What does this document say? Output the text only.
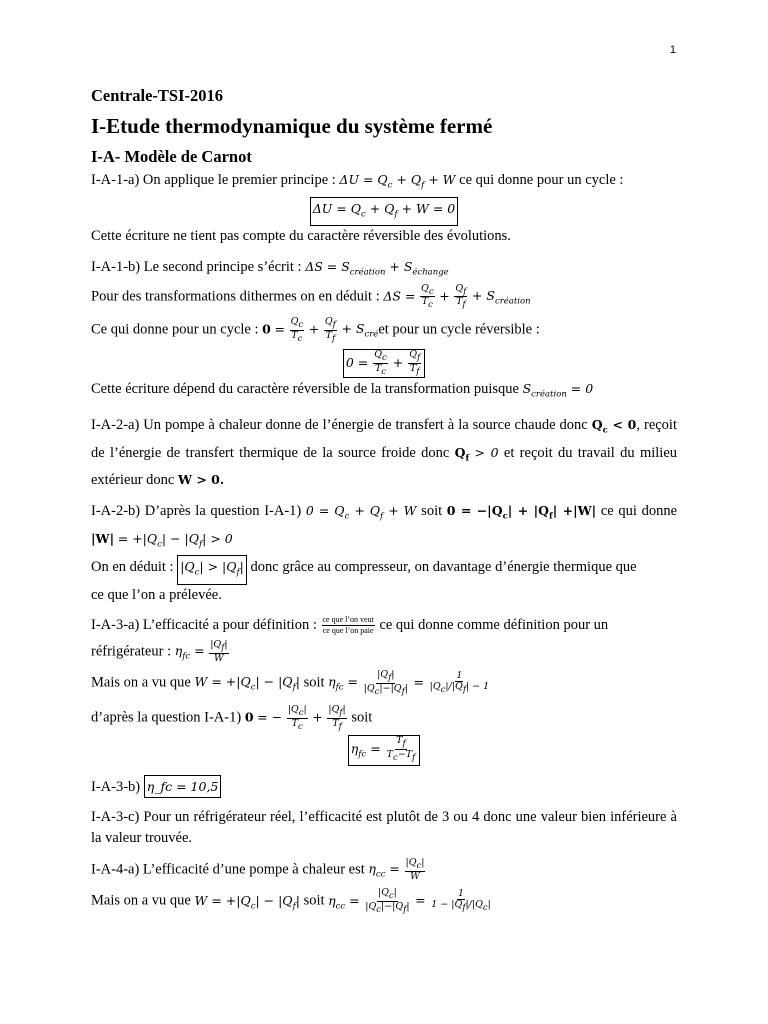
1
Centrale-TSI-2016
I-Etude thermodynamique du système fermé
I-A- Modèle de Carnot

I-A-1-a) On applique le premier principe : $\Delta U = Q_c + Q_f + W$ ce qui donne pour un cycle :

$\Delta U = Q_c + Q_f + W = 0$

Cette écriture ne tient pas compte du caractère réversible des évolutions.

I-A-1-b) Le second principe s’écrit : $\Delta S = S_{création} + S_{échange}$

Pour des transformations dithermes on en déduit : $\Delta S = \frac{Q_c}{T_c} + \frac{Q_f}{T_f} + S_{création}$

Ce qui donne pour un cycle : $0 = \frac{Q_c}{T_c} + \frac{Q_f}{T_f} + S_{cré}et$ pour un cycle réversible :

$0 = \frac{Q_c}{T_c} + \frac{Q_f}{T_f}$

Cette écriture dépend du caractère réversible de la transformation puisque $S_{création} = 0$

I-A-2-a) Un pompe à chaleur donne de l’énergie de transfert à la source chaude donc $Q_c < 0$, reçoit de l’énergie de transfert thermique de la source froide donc $Q_f > 0$ et reçoit du travail du milieu extérieur donc W > 0.

I-A-2-b) D’après la question I-A-1) $0 = Q_c + Q_f + W$ soit $0 = -|Q_c| + |Q_f| +|W|$ ce qui donne $|W| = +|Q_c| - |Q_f| > 0$

On en déduit : $|Q_c| > |Q_f|$ donc grâce au compresseur, on davantage d’énergie thermique que

ce que l’on a prélevée.

I-A-3-a) L’efficacité a pour définition : $\frac{\text{ce que l’on veut}}{\text{ce que l’on paie}}$ ce qui donne comme définition pour un

réfrigérateur : $\eta_{fc} = \frac{|Q_f|}{W}$

Mais on a vu que $W = +|Q_c| - |Q_f|$ soit $\eta_{fc} = \frac{|Q_f|}{|Q_c|-|Q_f|} = \frac{1}{|Q_c|/|Q_f| - 1}$

d’après la question I-A-1) 0 = − $\frac{|Q_c|}{T_c} + \frac{|Q_f|}{T_f}$ soit

$\eta_{fc} = \frac{T_f}{T_c-T_f}$

I-A-3-b) η_fc = 10,5

I-A-3-c) Pour un réfrigérateur réel, l’efficacité est plutôt de 3 ou 4 donc une valeur bien inférieure à la valeur trouvée.

I-A-4-a) L’efficacité d’une pompe à chaleur est $\eta_{cc} = \frac{|Q_c|}{W}$

Mais on a vu que $W = +|Q_c| - |Q_f|$ soit $\eta_{cc} = \frac{|Q_c|}{|Q_c|-|Q_f|} = \frac{1}{1 - |Q_f|/|Q_c|}$
